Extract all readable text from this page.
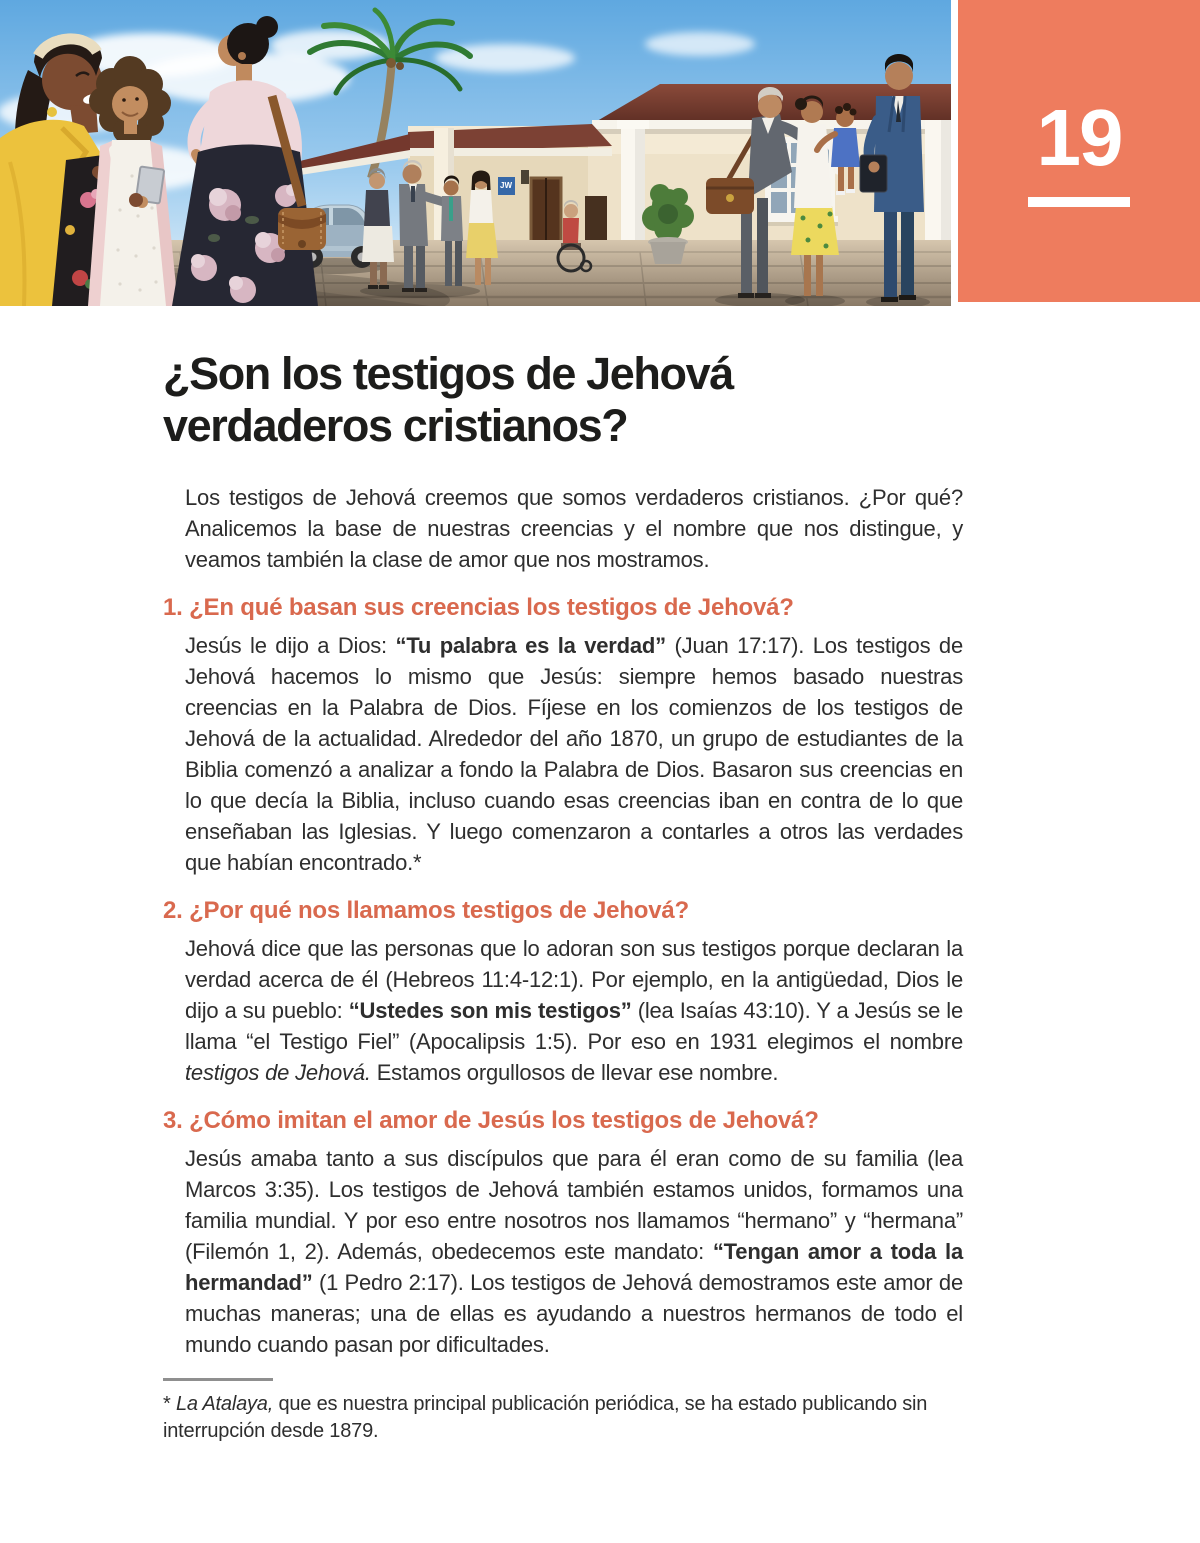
JW
19
¿Son los testigos de Jehová verdaderos cristianos?

Los testigos de Jehová creemos que somos verdaderos cristianos. ¿Por qué? Analicemos la base de nuestras creencias y el nombre que nos distingue, y veamos también la clase de amor que nos mostramos.

1. ¿En qué basan sus creencias los testigos de Jehová?

Jesús le dijo a Dios: “Tu palabra es la verdad” (Juan 17:17). Los testigos de Jehová hacemos lo mismo que Jesús: siempre hemos basado nuestras creencias en la Palabra de Dios. Fíjese en los comienzos de los testigos de Jehová de la actualidad. Alrededor del año 1870, un grupo de estudiantes de la Biblia comenzó a analizar a fondo la Palabra de Dios. Basaron sus creencias en lo que decía la Biblia, incluso cuando esas creencias iban en contra de lo que enseñaban las Iglesias. Y luego comenzaron a contarles a otros las verdades que habían encontrado.*

2. ¿Por qué nos llamamos testigos de Jehová?

Jehová dice que las personas que lo adoran son sus testigos porque declaran la verdad acerca de él (Hebreos 11:4-12:1). Por ejemplo, en la antigüedad, Dios le dijo a su pueblo: “Ustedes son mis testigos” (lea Isaías 43:10). Y a Jesús se le llama “el Testigo Fiel” (Apocalipsis 1:5). Por eso en 1931 elegimos el nombre testigos de Jehová. Estamos orgullosos de llevar ese nombre.

3. ¿Cómo imitan el amor de Jesús los testigos de Jehová?

Jesús amaba tanto a sus discípulos que para él eran como de su familia (lea Marcos 3:35). Los testigos de Jehová también estamos unidos, formamos una familia mundial. Y por eso entre nosotros nos llamamos “hermano” y “hermana” (Filemón 1, 2). Además, obedecemos este mandato: “Tengan amor a toda la hermandad” (1 Pedro 2:17). Los testigos de Jehová demostramos este amor de muchas maneras; una de ellas es ayudando a nuestros hermanos de todo el mundo cuando pasan por dificultades.

* La Atalaya, que es nuestra principal publicación periódica, se ha estado publicando sin interrupción desde 1879.
